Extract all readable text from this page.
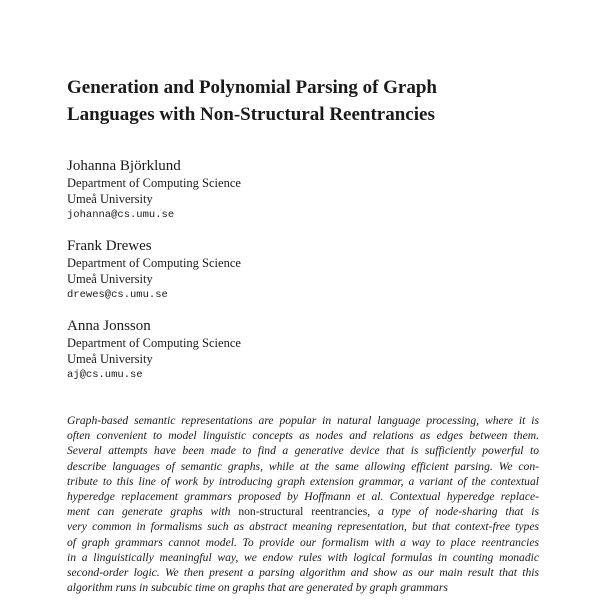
Generation and Polynomial Parsing of Graph
Languages with Non-Structural Reentrancies
Johanna Björklund
Department of Computing Science
Umeå University
johanna@cs.umu.se
Frank Drewes
Department of Computing Science
Umeå University
drewes@cs.umu.se
Anna Jonsson
Department of Computing Science
Umeå University
aj@cs.umu.se
Graph-based semantic representations are popular in natural language processing, where it is
often convenient to model linguistic concepts as nodes and relations as edges between them.
Several attempts have been made to find a generative device that is sufficiently powerful to
describe languages of semantic graphs, while at the same allowing efficient parsing. We con-
tribute to this line of work by introducing graph extension grammar, a variant of the contextual
hyperedge replacement grammars proposed by Hoffmann et al. Contextual hyperedge replace-
ment can generate graphs with non-structural reentrancies, a type of node-sharing that is
very common in formalisms such as abstract meaning representation, but that context-free types
of graph grammars cannot model. To provide our formalism with a way to place reentrancies
in a linguistically meaningful way, we endow rules with logical formulas in counting monadic
second-order logic. We then present a parsing algorithm and show as our main result that this
algorithm runs in subcubic time on graphs that are generated by graph grammars
